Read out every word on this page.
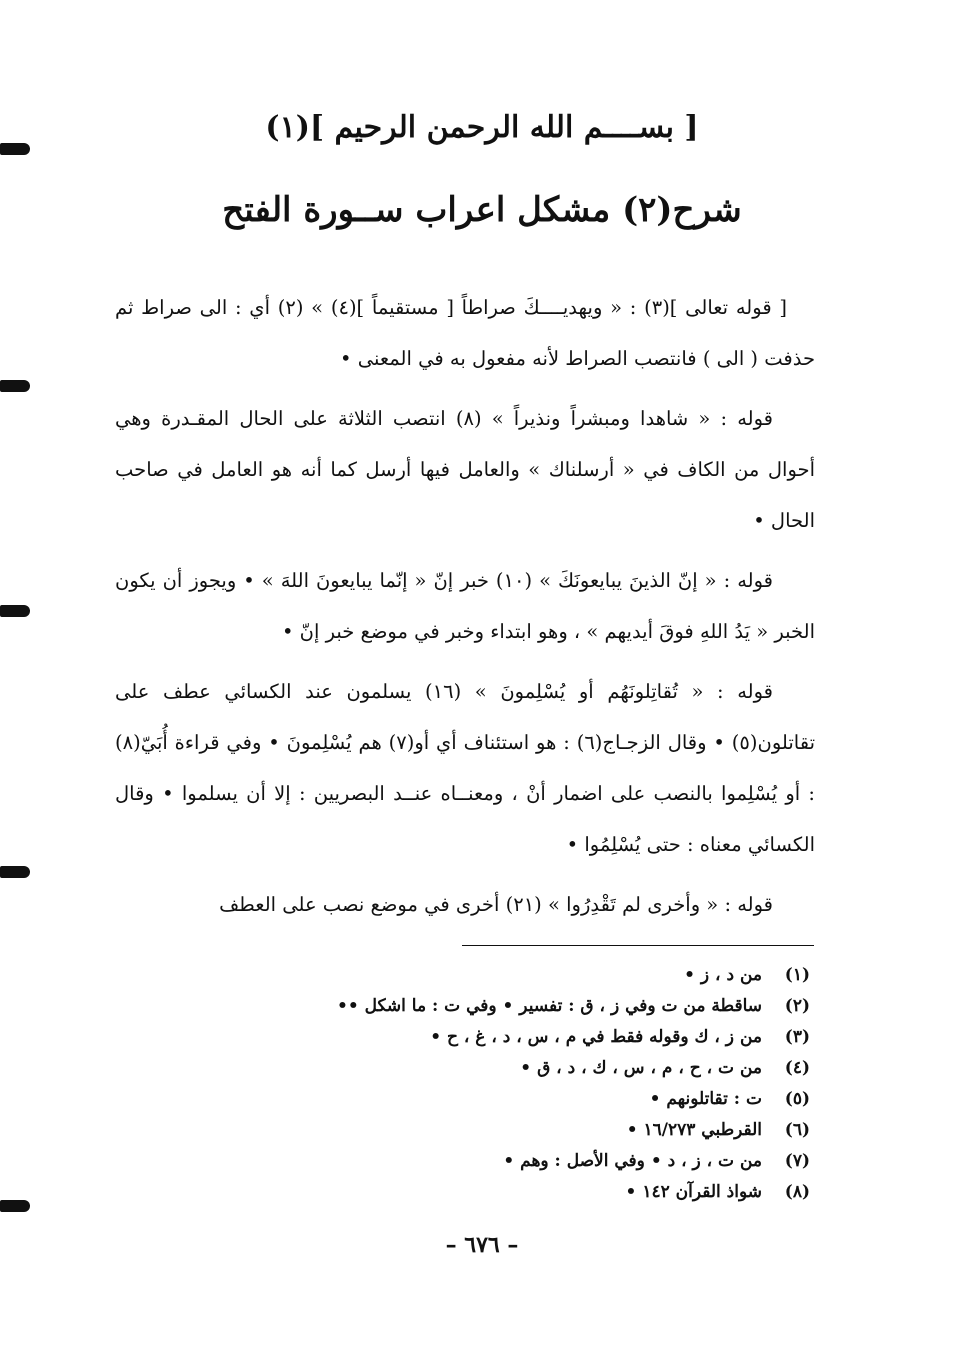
[ بســــم الله الرحمن الرحيم ](١)
شرح(٢) مشكل اعراب ســورة الفتح

[ قوله تعالى ](٣) : « ويهديــــكَ صراطاً [ مستقيماً ](٤) » (٢) أي : الى صراط ثم حذفت ( الى ) فانتصب الصراط لأنه مفعول به في المعنى •

قوله : « شاهدا ومبشراً ونذيراً » (٨) انتصب الثلاثة على الحال المقـدرة وهي أحوال من الكاف في « أرسلناك » والعامل فيها أرسل كما أنه هو العامل في صاحب الحال •

قوله : « إنّ الذينَ يبايعونَكَ » (١٠) خبر إنّ « إنّما يبايعونَ اللهَ » • ويجوز أن يكون الخبر « يَدُ اللهِ فوقَ أيديهم » ، وهو ابتداء وخبر في موضع خبر إنّ •

قوله : « تُقاتِلونَهُم أو يُسْلِمونَ » (١٦) يسلمون عند الكسائي عطف على تقاتلون(٥) • وقال الزجـاج(٦) : هو استئناف أي أو(٧) هم يُسْلِمونَ • وفي قراءة أُبَيّ(٨) : أو يُسْلِموا بالنصب على اضمار أنْ ، ومعنــاه عنــد البصريين : إلا أن يسلموا • وقال الكسائي معناه : حتى يُسْلِمُوا •

قوله : « وأخرى لم تَقْدِرُوا » (٢١) أخرى في موضع نصب على العطف

(١)
من د ، ز •
(٢)
ساقطة من ت وفي ز ، ق : تفسير • وفي ت : ما اشكل ••
(٣)
من ز ، ك وقوله فقط في م ، س ، د ، غ ، ح •
(٤)
من ت ، ح ، م ، س ، ك ، د ، ق •
(٥)
ت : تقاتلونهم •
(٦)
القرطبي ١٦/٢٧٣ •
(٧)
من ت ، ز ، د • وفي الأصل : وهم •
(٨)
شواذ القرآن ١٤٢ •
– ٦٧٦ –
